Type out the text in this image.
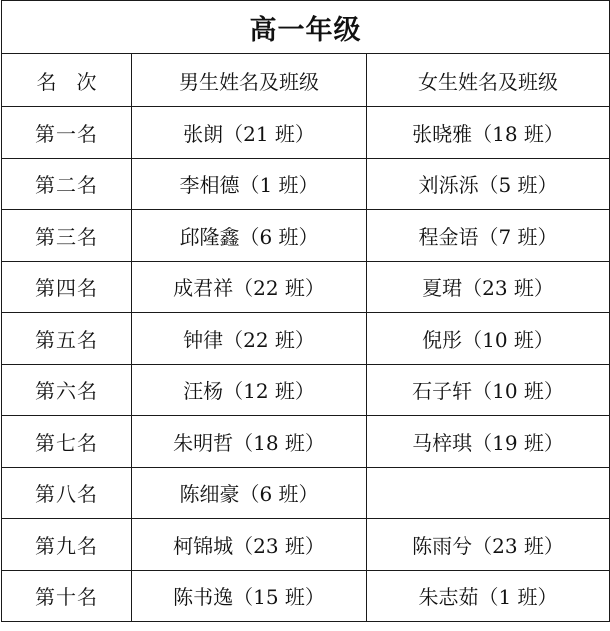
高一年级		
名　次	男生姓名及班级	女生姓名及班级
第一名	张朗（21 班）	张晓雅（18 班）
第二名	李相德（1 班）	刘泺泺（5 班）
第三名	邱隆鑫（6 班）	程金语（7 班）
第四名	成君祥（22 班）	夏珺（23 班）
第五名	钟律（22 班）	倪彤（10 班）
第六名	汪杨（12 班）	石子轩（10 班）
第七名	朱明哲（18 班）	马梓琪（19 班）
第八名	陈细豪（6 班）	
第九名	柯锦城（23 班）	陈雨兮（23 班）
第十名	陈书逸（15 班）	朱志茹（1 班）
